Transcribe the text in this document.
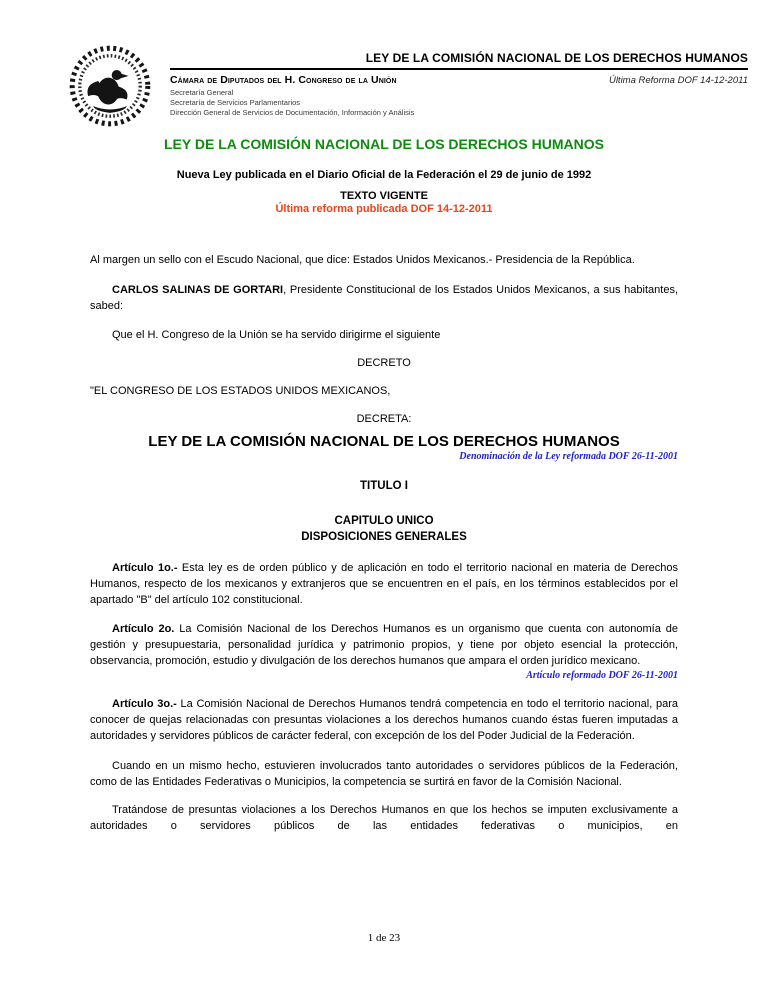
LEY DE LA COMISIÓN NACIONAL DE LOS DERECHOS HUMANOS
Cámara de Diputados del H. Congreso de la Unión	Última Reforma DOF 14-12-2011
Secretaría General
Secretaría de Servicios Parlamentarios
Dirección General de Servicios de Documentación, Información y Análisis
LEY DE LA COMISIÓN NACIONAL DE LOS DERECHOS HUMANOS

Nueva Ley publicada en el Diario Oficial de la Federación el 29 de junio de 1992

TEXTO VIGENTE

Última reforma publicada DOF 14-12-2011

Al margen un sello con el Escudo Nacional, que dice: Estados Unidos Mexicanos.- Presidencia de la República.

CARLOS SALINAS DE GORTARI, Presidente Constitucional de los Estados Unidos Mexicanos, a sus habitantes, sabed:

Que el H. Congreso de la Unión se ha servido dirigirme el siguiente

DECRETO

"EL CONGRESO DE LOS ESTADOS UNIDOS MEXICANOS,

DECRETA:

LEY DE LA COMISIÓN NACIONAL DE LOS DERECHOS HUMANOS

Denominación de la Ley reformada DOF 26-11-2001

TITULO I

CAPITULO UNICO

DISPOSICIONES GENERALES

Artículo 1o.- Esta ley es de orden público y de aplicación en todo el territorio nacional en materia de Derechos Humanos, respecto de los mexicanos y extranjeros que se encuentren en el país, en los términos establecidos por el apartado "B" del artículo 102 constitucional.

Artículo 2o. La Comisión Nacional de los Derechos Humanos es un organismo que cuenta con autonomía de gestión y presupuestaria, personalidad jurídica y patrimonio propios, y tiene por objeto esencial la protección, observancia, promoción, estudio y divulgación de los derechos humanos que ampara el orden jurídico mexicano.

Artículo reformado DOF 26-11-2001

Artículo 3o.- La Comisión Nacional de Derechos Humanos tendrá competencia en todo el territorio nacional, para conocer de quejas relacionadas con presuntas violaciones a los derechos humanos cuando éstas fueren imputadas a autoridades y servidores públicos de carácter federal, con excepción de los del Poder Judicial de la Federación.

Cuando en un mismo hecho, estuvieren involucrados tanto autoridades o servidores públicos de la Federación, como de las Entidades Federativas o Municipios, la competencia se surtirá en favor de la Comisión Nacional.

Tratándose de presuntas violaciones a los Derechos Humanos en que los hechos se imputen exclusivamente a autoridades o servidores públicos de las entidades federativas o municipios, en

1 de 23
